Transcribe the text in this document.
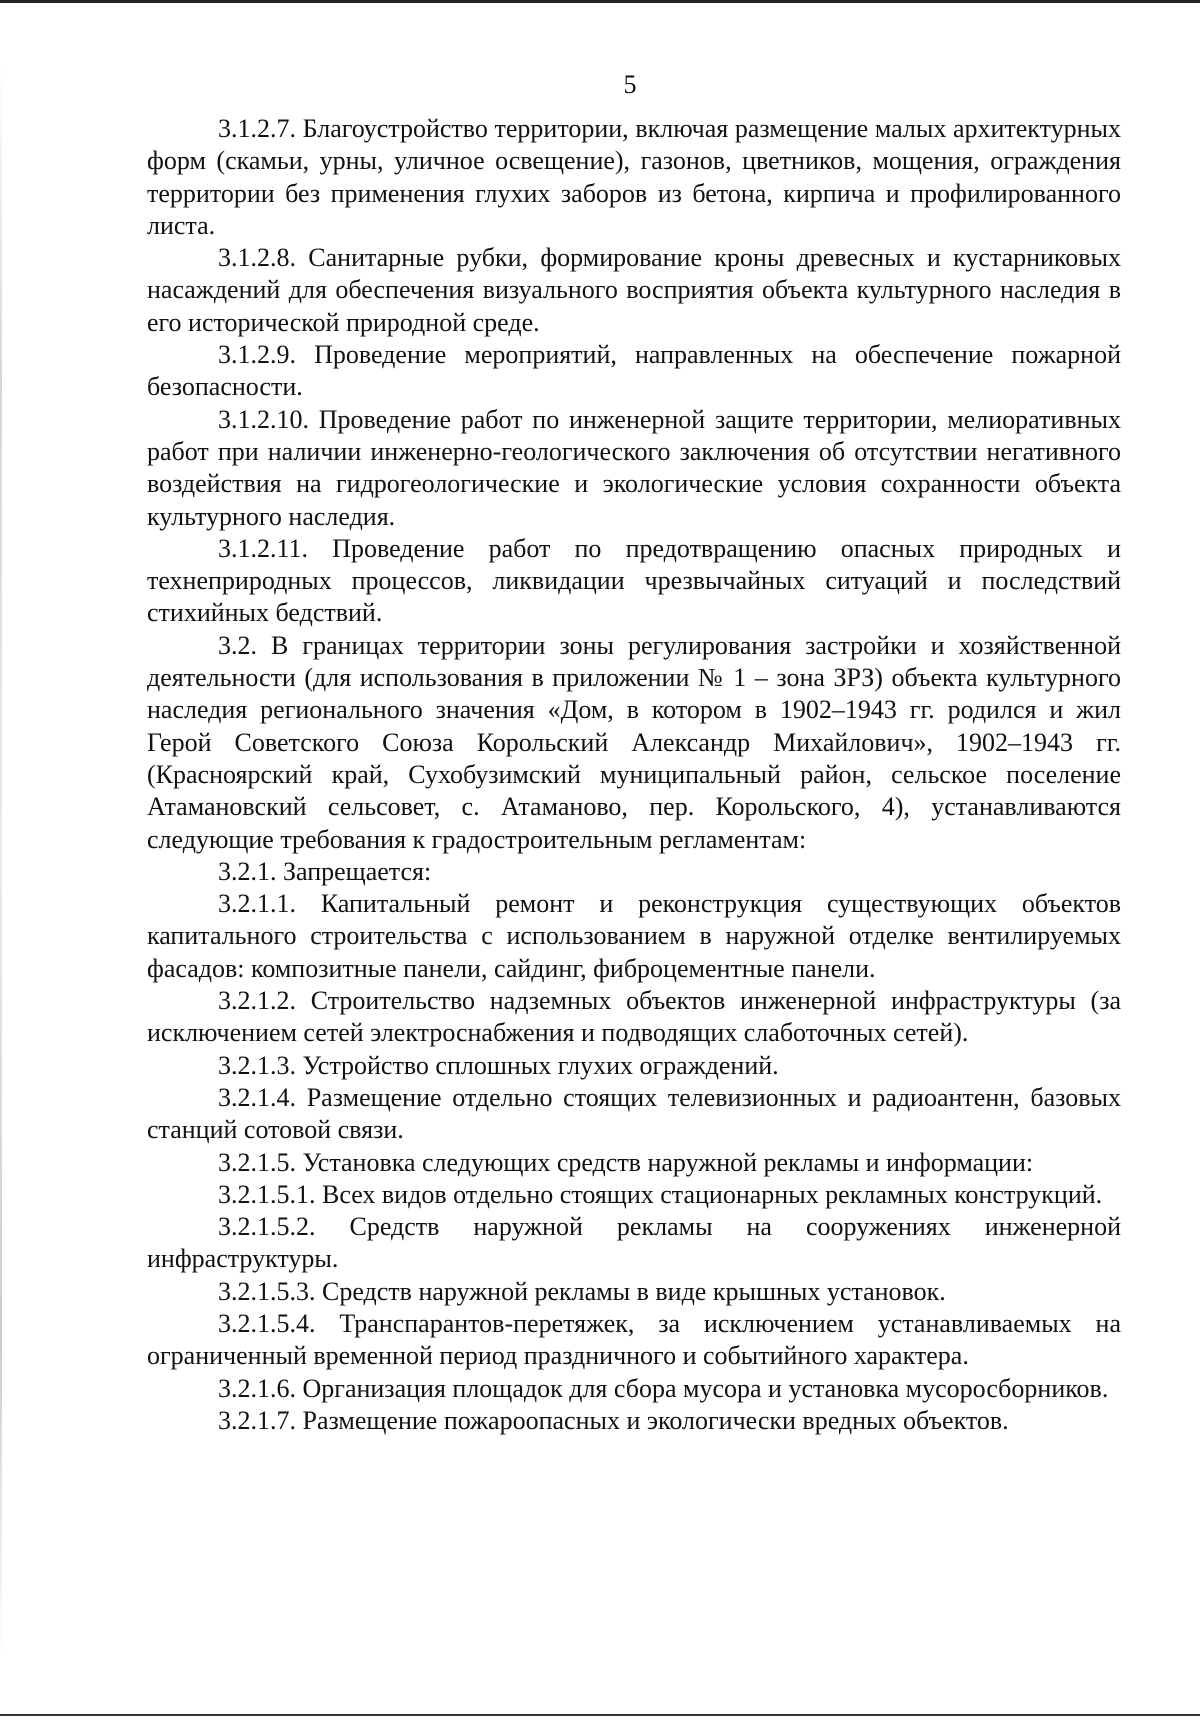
5

3.1.2.7. Благоустройство территории, включая размещение малых архитектурных форм (скамьи, урны, уличное освещение), газонов, цветников, мощения, ограждения территории без применения глухих заборов из бетона, кирпича и профилированного листа.

3.1.2.8. Санитарные рубки, формирование кроны древесных и кустарниковых насаждений для обеспечения визуального восприятия объекта культурного наследия в его исторической природной среде.

3.1.2.9. Проведение мероприятий, направленных на обеспечение пожарной безопасности.

3.1.2.10. Проведение работ по инженерной защите территории, мелиоративных работ при наличии инженерно-геологического заключения об отсутствии негативного воздействия на гидрогеологические и экологические условия сохранности объекта культурного наследия.

3.1.2.11. Проведение работ по предотвращению опасных природных и технеприродных процессов, ликвидации чрезвычайных ситуаций и последствий стихийных бедствий.

3.2. В границах территории зоны регулирования застройки и хозяйственной деятельности (для использования в приложении № 1 – зона ЗРЗ) объекта культурного наследия регионального значения «Дом, в котором в 1902–1943 гг. родился и жил Герой Советского Союза Корольский Александр Михайлович», 1902–1943 гг. (Красноярский край, Сухобузимский муниципальный район, сельское поселение Атамановский сельсовет, с. Атаманово, пер. Корольского, 4), устанавливаются следующие требования к градостроительным регламентам:

3.2.1. Запрещается:

3.2.1.1. Капитальный ремонт и реконструкция существующих объектов капитального строительства с использованием в наружной отделке вентилируемых фасадов: композитные панели, сайдинг, фиброцементные панели.

3.2.1.2. Строительство надземных объектов инженерной инфраструктуры (за исключением сетей электроснабжения и подводящих слаботочных сетей).

3.2.1.3. Устройство сплошных глухих ограждений.

3.2.1.4. Размещение отдельно стоящих телевизионных и радиоантенн, базовых станций сотовой связи.

3.2.1.5. Установка следующих средств наружной рекламы и информации:

3.2.1.5.1. Всех видов отдельно стоящих стационарных рекламных конструкций.

3.2.1.5.2. Средств наружной рекламы на сооружениях инженерной инфраструктуры.

3.2.1.5.3. Средств наружной рекламы в виде крышных установок.

3.2.1.5.4. Транспарантов-перетяжек, за исключением устанавливаемых на ограниченный временной период праздничного и событийного характера.

3.2.1.6. Организация площадок для сбора мусора и установка мусоросборников.

3.2.1.7. Размещение пожароопасных и экологически вредных объектов.
